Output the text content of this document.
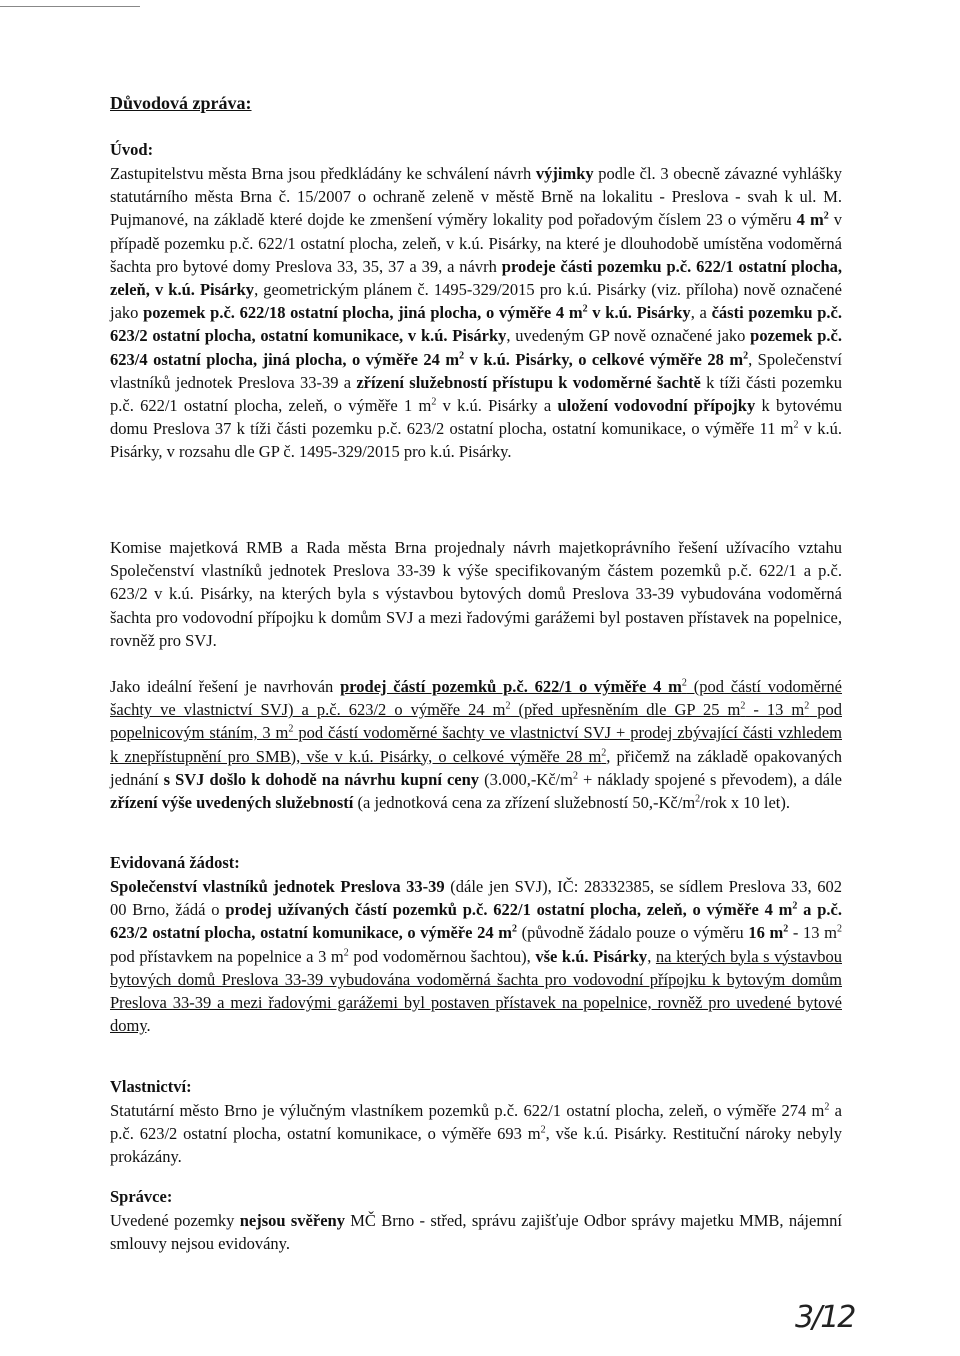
Důvodová zpráva:
Úvod:
Zastupitelstvu města Brna jsou předkládány ke schválení návrh výjimky podle čl. 3 obecně závazné vyhlášky statutárního města Brna č. 15/2007 o ochraně zeleně v městě Brně na lokalitu - Preslova - svah k ul. M. Pujmanové, na základě které dojde ke zmenšení výměry lokality pod pořadovým číslem 23 o výměru 4 $m^2$ v případě pozemku p.č. 622/1 ostatní plocha, zeleň, v k.ú. Pisárky, na které je dlouhodobě umístěna vodoměrná šachta pro bytové domy Preslova 33, 35, 37 a 39, a návrh prodeje části pozemku p.č. 622/1 ostatní plocha, zeleň, v k.ú. Pisárky, geometrickým plánem č. 1495-329/2015 pro k.ú. Pisárky (viz. příloha) nově označené jako pozemek p.č. 622/18 ostatní plocha, jiná plocha, o výměře 4 $m^2$ v k.ú. Pisárky, a části pozemku p.č. 623/2 ostatní plocha, ostatní komunikace, v k.ú. Pisárky, uvedeným GP nově označené jako pozemek p.č. 623/4 ostatní plocha, jiná plocha, o výměře 24 $m^2$ v k.ú. Pisárky, o celkové výměře 28 $m^2$, Společenství vlastníků jednotek Preslova 33-39 a zřízení služebností přístupu k vodoměrné šachtě k tíži části pozemku p.č. 622/1 ostatní plocha, zeleň, o výměře 1 $m^2$ v k.ú. Pisárky a uložení vodovodní přípojky k bytovému domu Preslova 37 k tíži části pozemku p.č. 623/2 ostatní plocha, ostatní komunikace, o výměře 11 $m^2$ v k.ú. Pisárky, v rozsahu dle GP č. 1495-329/2015 pro k.ú. Pisárky.
Komise majetková RMB a Rada města Brna projednaly návrh majetkoprávního řešení užívacího vztahu Společenství vlastníků jednotek Preslova 33-39 k výše specifikovaným částem pozemků p.č. 622/1 a p.č. 623/2 v k.ú. Pisárky, na kterých byla s výstavbou bytových domů Preslova 33-39 vybudována vodoměrná šachta pro vodovodní přípojku k domům SVJ a mezi řadovými garážemi byl postaven přístavek na popelnice, rovněž pro SVJ.
Jako ideální řešení je navrhován prodej částí pozemků p.č. 622/1 o výměře 4 $m^2$ (pod částí vodoměrné šachty ve vlastnictví SVJ) a p.č. 623/2 o výměře 24 $m^2$ (před upřesněním dle GP 25 $m^2 - 13$ $m^2$ pod popelnicovým stáním, 3 $m^2$ pod částí vodoměrné šachty ve vlastnictví SVJ + prodej zbývající části vzhledem k znepřístupnění pro SMB), vše v k.ú. Pisárky, o celkové výměře 28 $m^2$, přičemž na základě opakovaných jednání s SVJ došlo k dohodě na návrhu kupní ceny ($3.000,-Kč/m^2$ + náklady spojené s převodem), a dále zřízení výše uvedených služebností (a jednotková cena za zřízení služebností $50,-Kč/m^2$/rok x 10 let).
Evidovaná žádost:
Společenství vlastníků jednotek Preslova 33-39 (dále jen SVJ), IČ: 28332385, se sídlem Preslova 33, 602 00 Brno, žádá o prodej užívaných částí pozemků p.č. 622/1 ostatní plocha, zeleň, o výměře 4 $m^2$ a p.č. 623/2 ostatní plocha, ostatní komunikace, o výměře 24 $m^2$ (původně žádalo pouze o výměru 16 $m^2 - 13$ $m^2$ pod přístavkem na popelnice a 3 $m^2$ pod vodoměrnou šachtou), vše k.ú. Pisárky, na kterých byla s výstavbou bytových domů Preslova 33-39 vybudována vodoměrná šachta pro vodovodní přípojku k bytovým domům Preslova 33-39 a mezi řadovými garážemi byl postaven přístavek na popelnice, rovněž pro uvedené bytové domy.
Vlastnictví:
Statutární město Brno je výlučným vlastníkem pozemků p.č. 622/1 ostatní plocha, zeleň, o výměře 274 $m^2$ a p.č. 623/2 ostatní plocha, ostatní komunikace, o výměře 693 $m^2$, vše k.ú. Pisárky. Restituční nároky nebyly prokázány.
Správce:
Uvedené pozemky nejsou svěřeny MČ Brno - střed, správu zajišťuje Odbor správy majetku MMB, nájemní smlouvy nejsou evidovány.
3/12
